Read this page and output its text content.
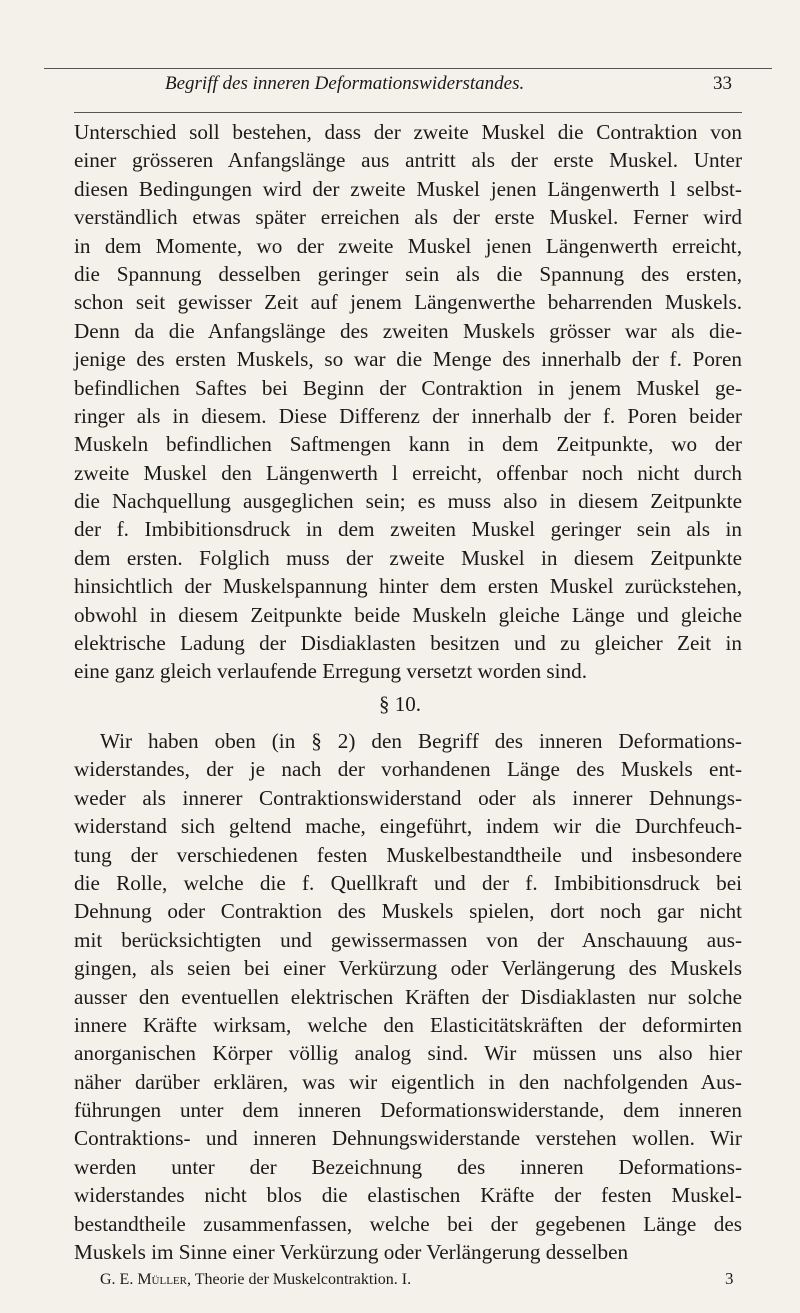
Begriff des inneren Deformationswiderstandes.	33
Unterschied soll bestehen, dass der zweite Muskel die Contraktion von
einer grösseren Anfangslänge aus antritt als der erste Muskel. Unter
diesen Bedingungen wird der zweite Muskel jenen Längenwerth l selbst-
verständlich etwas später erreichen als der erste Muskel. Ferner wird
in dem Momente, wo der zweite Muskel jenen Längenwerth erreicht,
die Spannung desselben geringer sein als die Spannung des ersten,
schon seit gewisser Zeit auf jenem Längenwerthe beharrenden Muskels.
Denn da die Anfangslänge des zweiten Muskels grösser war als die-
jenige des ersten Muskels, so war die Menge des innerhalb der f. Poren
befindlichen Saftes bei Beginn der Contraktion in jenem Muskel ge-
ringer als in diesem. Diese Differenz der innerhalb der f. Poren beider
Muskeln befindlichen Saftmengen kann in dem Zeitpunkte, wo der
zweite Muskel den Längenwerth l erreicht, offenbar noch nicht durch
die Nachquellung ausgeglichen sein; es muss also in diesem Zeitpunkte
der f. Imbibitionsdruck in dem zweiten Muskel geringer sein als in
dem ersten. Folglich muss der zweite Muskel in diesem Zeitpunkte
hinsichtlich der Muskelspannung hinter dem ersten Muskel zurückstehen,
obwohl in diesem Zeitpunkte beide Muskeln gleiche Länge und gleiche
elektrische Ladung der Disdiaklasten besitzen und zu gleicher Zeit in
eine ganz gleich verlaufende Erregung versetzt worden sind.
§ 10.
Wir haben oben (in § 2) den Begriff des inneren Deformations-
widerstandes, der je nach der vorhandenen Länge des Muskels ent-
weder als innerer Contraktionswiderstand oder als innerer Dehnungs-
widerstand sich geltend mache, eingeführt, indem wir die Durchfeuch-
tung der verschiedenen festen Muskelbestandtheile und insbesondere
die Rolle, welche die f. Quellkraft und der f. Imbibitionsdruck bei
Dehnung oder Contraktion des Muskels spielen, dort noch gar nicht
mit berücksichtigten und gewissermassen von der Anschauung aus-
gingen, als seien bei einer Verkürzung oder Verlängerung des Muskels
ausser den eventuellen elektrischen Kräften der Disdiaklasten nur solche
innere Kräfte wirksam, welche den Elasticitätskräften der deformirten
anorganischen Körper völlig analog sind. Wir müssen uns also hier
näher darüber erklären, was wir eigentlich in den nachfolgenden Aus-
führungen unter dem inneren Deformationswiderstande, dem inneren
Contraktions- und inneren Dehnungswiderstande verstehen wollen. Wir
werden unter der Bezeichnung des inneren Deformations-
widerstandes nicht blos die elastischen Kräfte der festen Muskel-
bestandtheile zusammenfassen, welche bei der gegebenen Länge des
Muskels im Sinne einer Verkürzung oder Verlängerung desselben
G. E. Müller, Theorie der Muskelcontraktion. I.	3
